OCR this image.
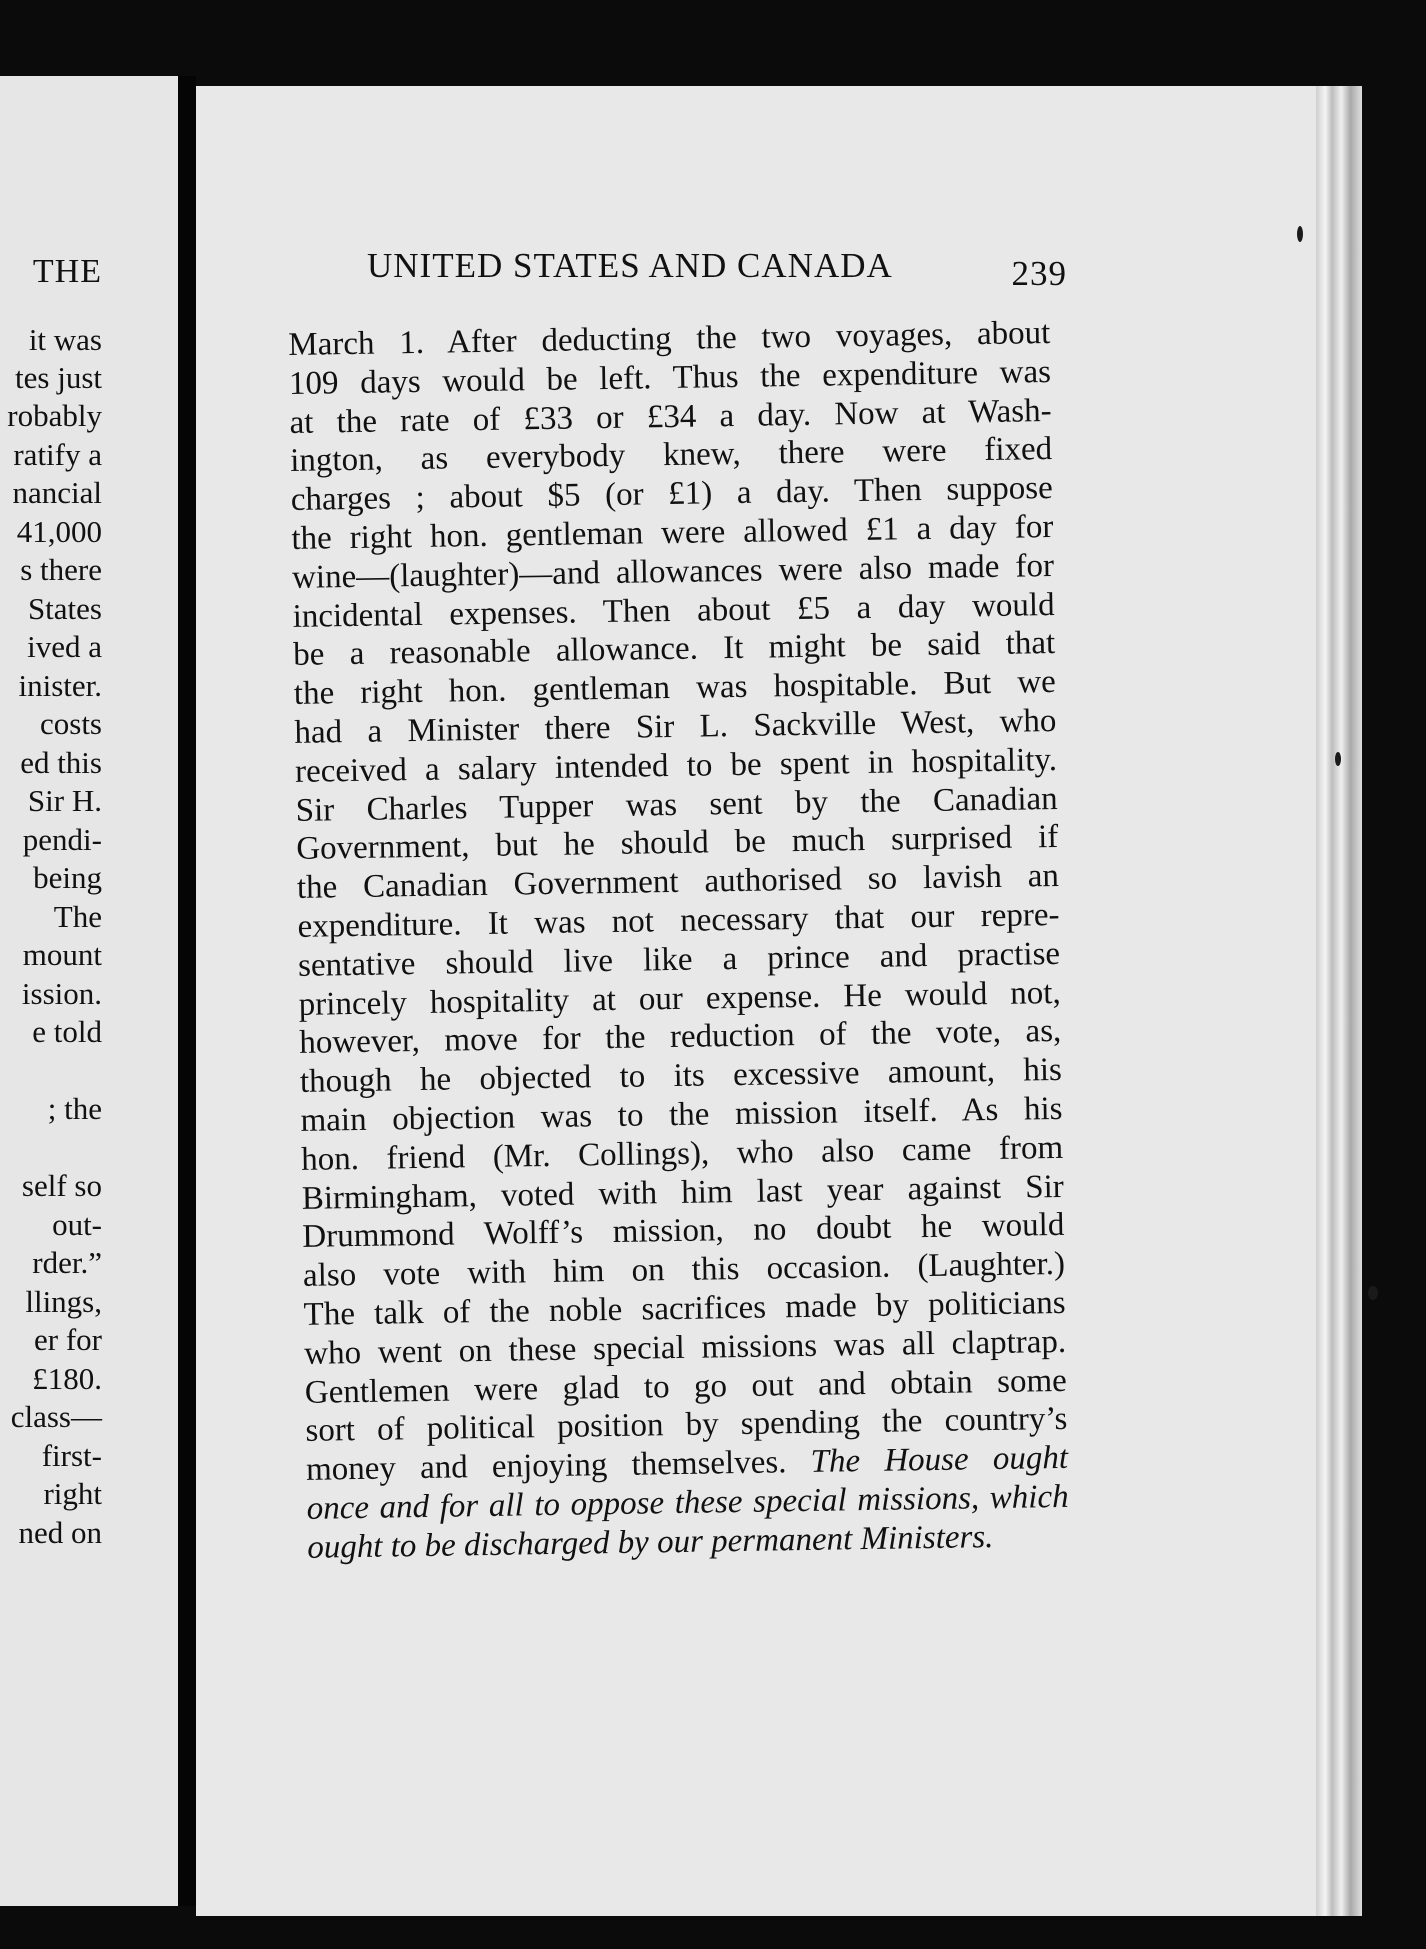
THE
it was
tes just
robably
ratify a
nancial
41,000
s there
States
ived a
inister.
costs
ed this
Sir H.
pendi-
being
The
mount
ission.
e told
; the
self so
out-
rder.”
llings,
er for
£180.
class—
first-
right
ned on
UNITED STATES AND CANADA	239

March 1. After deducting the two voyages, about

109 days would be left. Thus the expenditure was

at the rate of £33 or £34 a day. Now at Wash-

ington, as everybody knew, there were fixed

charges ; about $5 (or £1) a day. Then suppose

the right hon. gentleman were allowed £1 a day for

wine—(laughter)—and allowances were also made for

incidental expenses. Then about £5 a day would

be a reasonable allowance. It might be said that

the right hon. gentleman was hospitable. But we

had a Minister there Sir L. Sackville West, who

received a salary intended to be spent in hospitality.

Sir Charles Tupper was sent by the Canadian

Government, but he should be much surprised if

the Canadian Government authorised so lavish an

expenditure. It was not necessary that our repre-

sentative should live like a prince and practise

princely hospitality at our expense. He would not,

however, move for the reduction of the vote, as,

though he objected to its excessive amount, his

main objection was to the mission itself. As his

hon. friend (Mr. Collings), who also came from

Birmingham, voted with him last year against Sir

Drummond Wolff’s mission, no doubt he would

also vote with him on this occasion. (Laughter.)

The talk of the noble sacrifices made by politicians

who went on these special missions was all claptrap.

Gentlemen were glad to go out and obtain some

sort of political position by spending the country’s

money and enjoying themselves. The House ought

once and for all to oppose these special missions, which

ought to be discharged by our permanent Ministers.
